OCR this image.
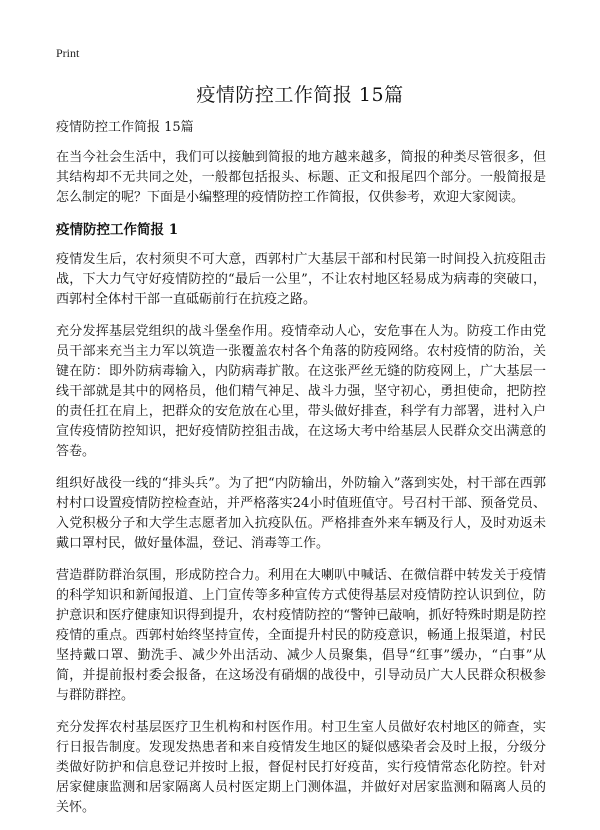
Print
疫情防控工作简报 15篇

疫情防控工作简报 15篇

在当今社会生活中，我们可以接触到简报的地方越来越多，简报的种类尽管很多，但其结构却不无共同之处，一般都包括报头、标题、正文和报尾四个部分。一般简报是怎么制定的呢？下面是小编整理的疫情防控工作简报，仅供参考，欢迎大家阅读。

疫情防控工作简报 1

疫情发生后，农村须臾不可大意，西郭村广大基层干部和村民第一时间投入抗疫阻击战，下大力气守好疫情防控的“最后一公里”，不让农村地区轻易成为病毒的突破口，西郭村全体村干部一直砥砺前行在抗疫之路。

充分发挥基层党组织的战斗堡垒作用。疫情牵动人心，安危事在人为。防疫工作由党员干部来充当主力军以筑造一张覆盖农村各个角落的防疫网络。农村疫情的防治，关键在防：即外防病毒输入，内防病毒扩散。在这张严丝无缝的防疫网上，广大基层一线干部就是其中的网格员，他们精气神足、战斗力强，坚守初心，勇担使命，把防控的责任扛在肩上，把群众的安危放在心里，带头做好排查，科学有力部署，进村入户宣传疫情防控知识，把好疫情防控狙击战，在这场大考中给基层人民群众交出满意的答卷。

组织好战役一线的“排头兵”。为了把“内防输出，外防输入”落到实处，村干部在西郭村村口设置疫情防控检查站，并严格落实24小时值班值守。号召村干部、预备党员、入党积极分子和大学生志愿者加入抗疫队伍。严格排查外来车辆及行人，及时劝返未戴口罩村民，做好量体温，登记、消毒等工作。

营造群防群治氛围，形成防控合力。利用在大喇叭中喊话、在微信群中转发关于疫情的科学知识和新闻报道、上门宣传等多种宣传方式使得基层对疫情防控认识到位，防护意识和医疗健康知识得到提升，农村疫情防控的“警钟已敲响，抓好特殊时期是防控疫情的重点。西郭村始终坚持宣传，全面提升村民的防疫意识，畅通上报渠道，村民坚持戴口罩、勤洗手、减少外出活动、减少人员聚集，倡导“红事”缓办，“白事”从简，并提前报村委会报备，在这场没有硝烟的战役中，引导动员广大人民群众积极参与群防群控。

充分发挥农村基层医疗卫生机构和村医作用。村卫生室人员做好农村地区的筛查，实行日报告制度。发现发热患者和来自疫情发生地区的疑似感染者会及时上报，分级分类做好防护和信息登记并按时上报，督促村民打好疫苗，实行疫情常态化防控。针对居家健康监测和居家隔离人员村医定期上门测体温，并做好对居家监测和隔离人员的关怀。
